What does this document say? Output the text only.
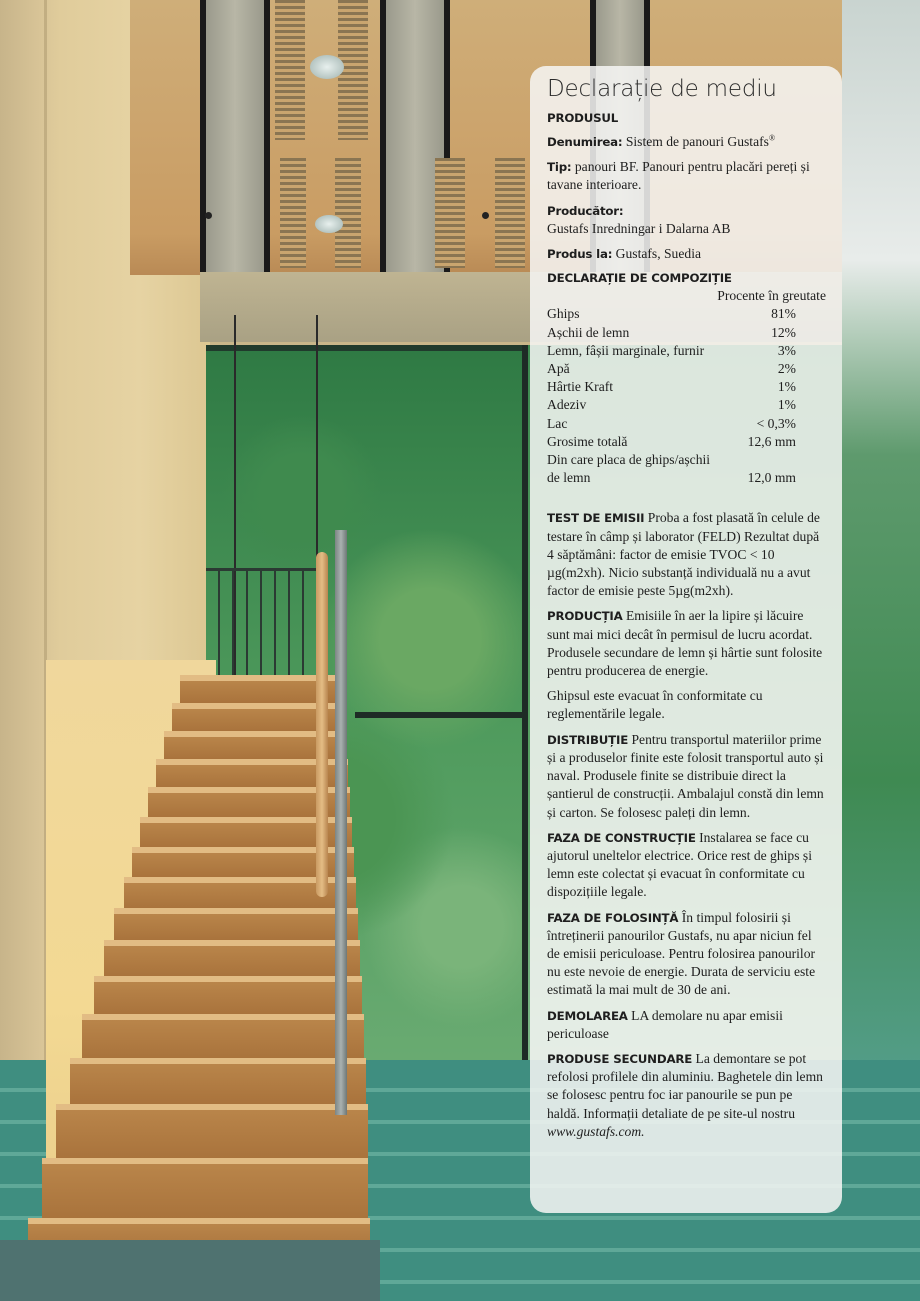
Declarație de mediu
PRODUSUL
Denumirea: Sistem de panouri Gustafs®
Tip: panouri BF. Panouri pentru placări pereți și tavane interioare.
Producător:
Gustafs Inredningar i Dalarna AB
Produs la: Gustafs, Suedia
DECLARAȚIE DE COMPOZIȚIE
Procente în greutate
Ghips	81%
Așchii de lemn	12%
Lemn, fâșii marginale, furnir	3%
Apă	2%
Hârtie Kraft	1%
Adeziv	1%
Lac	< 0,3%
Grosime totală	12,6 mm
Din care placa de ghips/așchii
de lemn	12,0 mm
TEST DE EMISII Proba a fost plasată în celule de testare în câmp și laborator (FELD) Rezultat după 4 săptămâni: factor de emisie TVOC < 10 µg(m2xh). Nicio substanță individuală nu a avut factor de emisie peste 5µg(m2xh).
PRODUCȚIA Emisiile în aer la lipire și lăcuire sunt mai mici decât în permisul de lucru acordat. Produsele secundare de lemn și hârtie sunt folosite pentru producerea de energie.
Ghipsul este evacuat în conformitate cu reglementările legale.
DISTRIBUȚIE Pentru transportul materiilor prime și a produselor finite este folosit transportul auto și naval. Produsele finite se distribuie direct la șantierul de construcții. Ambalajul constă din lemn și carton. Se folosesc paleți din lemn.
FAZA DE CONSTRUCȚIE Instalarea se face cu ajutorul uneltelor electrice. Orice rest de ghips și lemn este colectat și evacuat în conformitate cu dispozițiile legale.
FAZA DE FOLOSINȚĂ În timpul folosirii și întreținerii panourilor Gustafs, nu apar niciun fel de emisii periculoase. Pentru folosirea panourilor nu este nevoie de energie. Durata de serviciu este estimată la mai mult de 30 de ani.
DEMOLAREA LA demolare nu apar emisii periculoase
PRODUSE SECUNDARE La demontare se pot refolosi profilele din aluminiu. Baghetele din lemn se folosesc pentru foc iar panourile se pun pe haldă. Informații detaliate de pe site-ul nostru www.gustafs.com.
